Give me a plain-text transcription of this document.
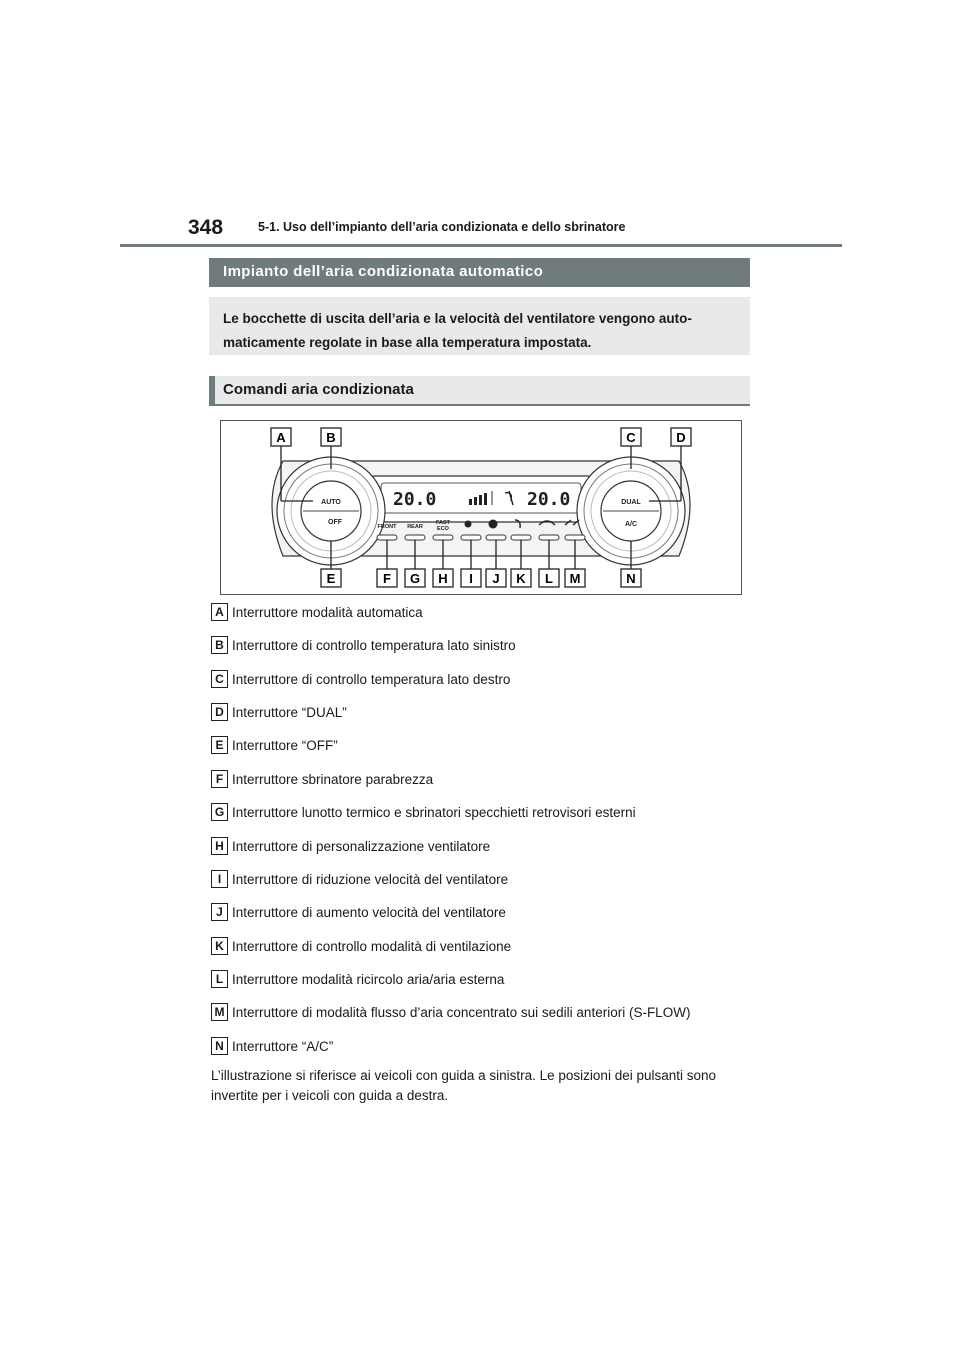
348	5-1. Uso dell’impianto dell’aria condizionata e dello sbrinatore
Impianto dell’aria condizionata automatico
Le bocchette di uscita dell’aria e la velocità del ventilatore vengono auto- maticamente regolate in base alla temperatura impostata.
Comandi aria condizionata
20.0	20.0
AUTO
OFF
DUAL
A/C
FRONT REAR
FAST
ECO
A	B	C	D
E	F G H I J K L M	N
A Interruttore modalità automatica
B Interruttore di controllo temperatura lato sinistro
C Interruttore di controllo temperatura lato destro
D Interruttore “DUAL”
E Interruttore “OFF”
F Interruttore sbrinatore parabrezza
G Interruttore lunotto termico e sbrinatori specchietti retrovisori esterni
H Interruttore di personalizzazione ventilatore
I Interruttore di riduzione velocità del ventilatore
J Interruttore di aumento velocità del ventilatore
K Interruttore di controllo modalità di ventilazione
L Interruttore modalità ricircolo aria/aria esterna
M Interruttore di modalità flusso d’aria concentrato sui sedili anteriori (S-FLOW)
N Interruttore “A/C”
L’illustrazione si riferisce ai veicoli con guida a sinistra. Le posizioni dei pulsanti sono invertite per i veicoli con guida a destra.
